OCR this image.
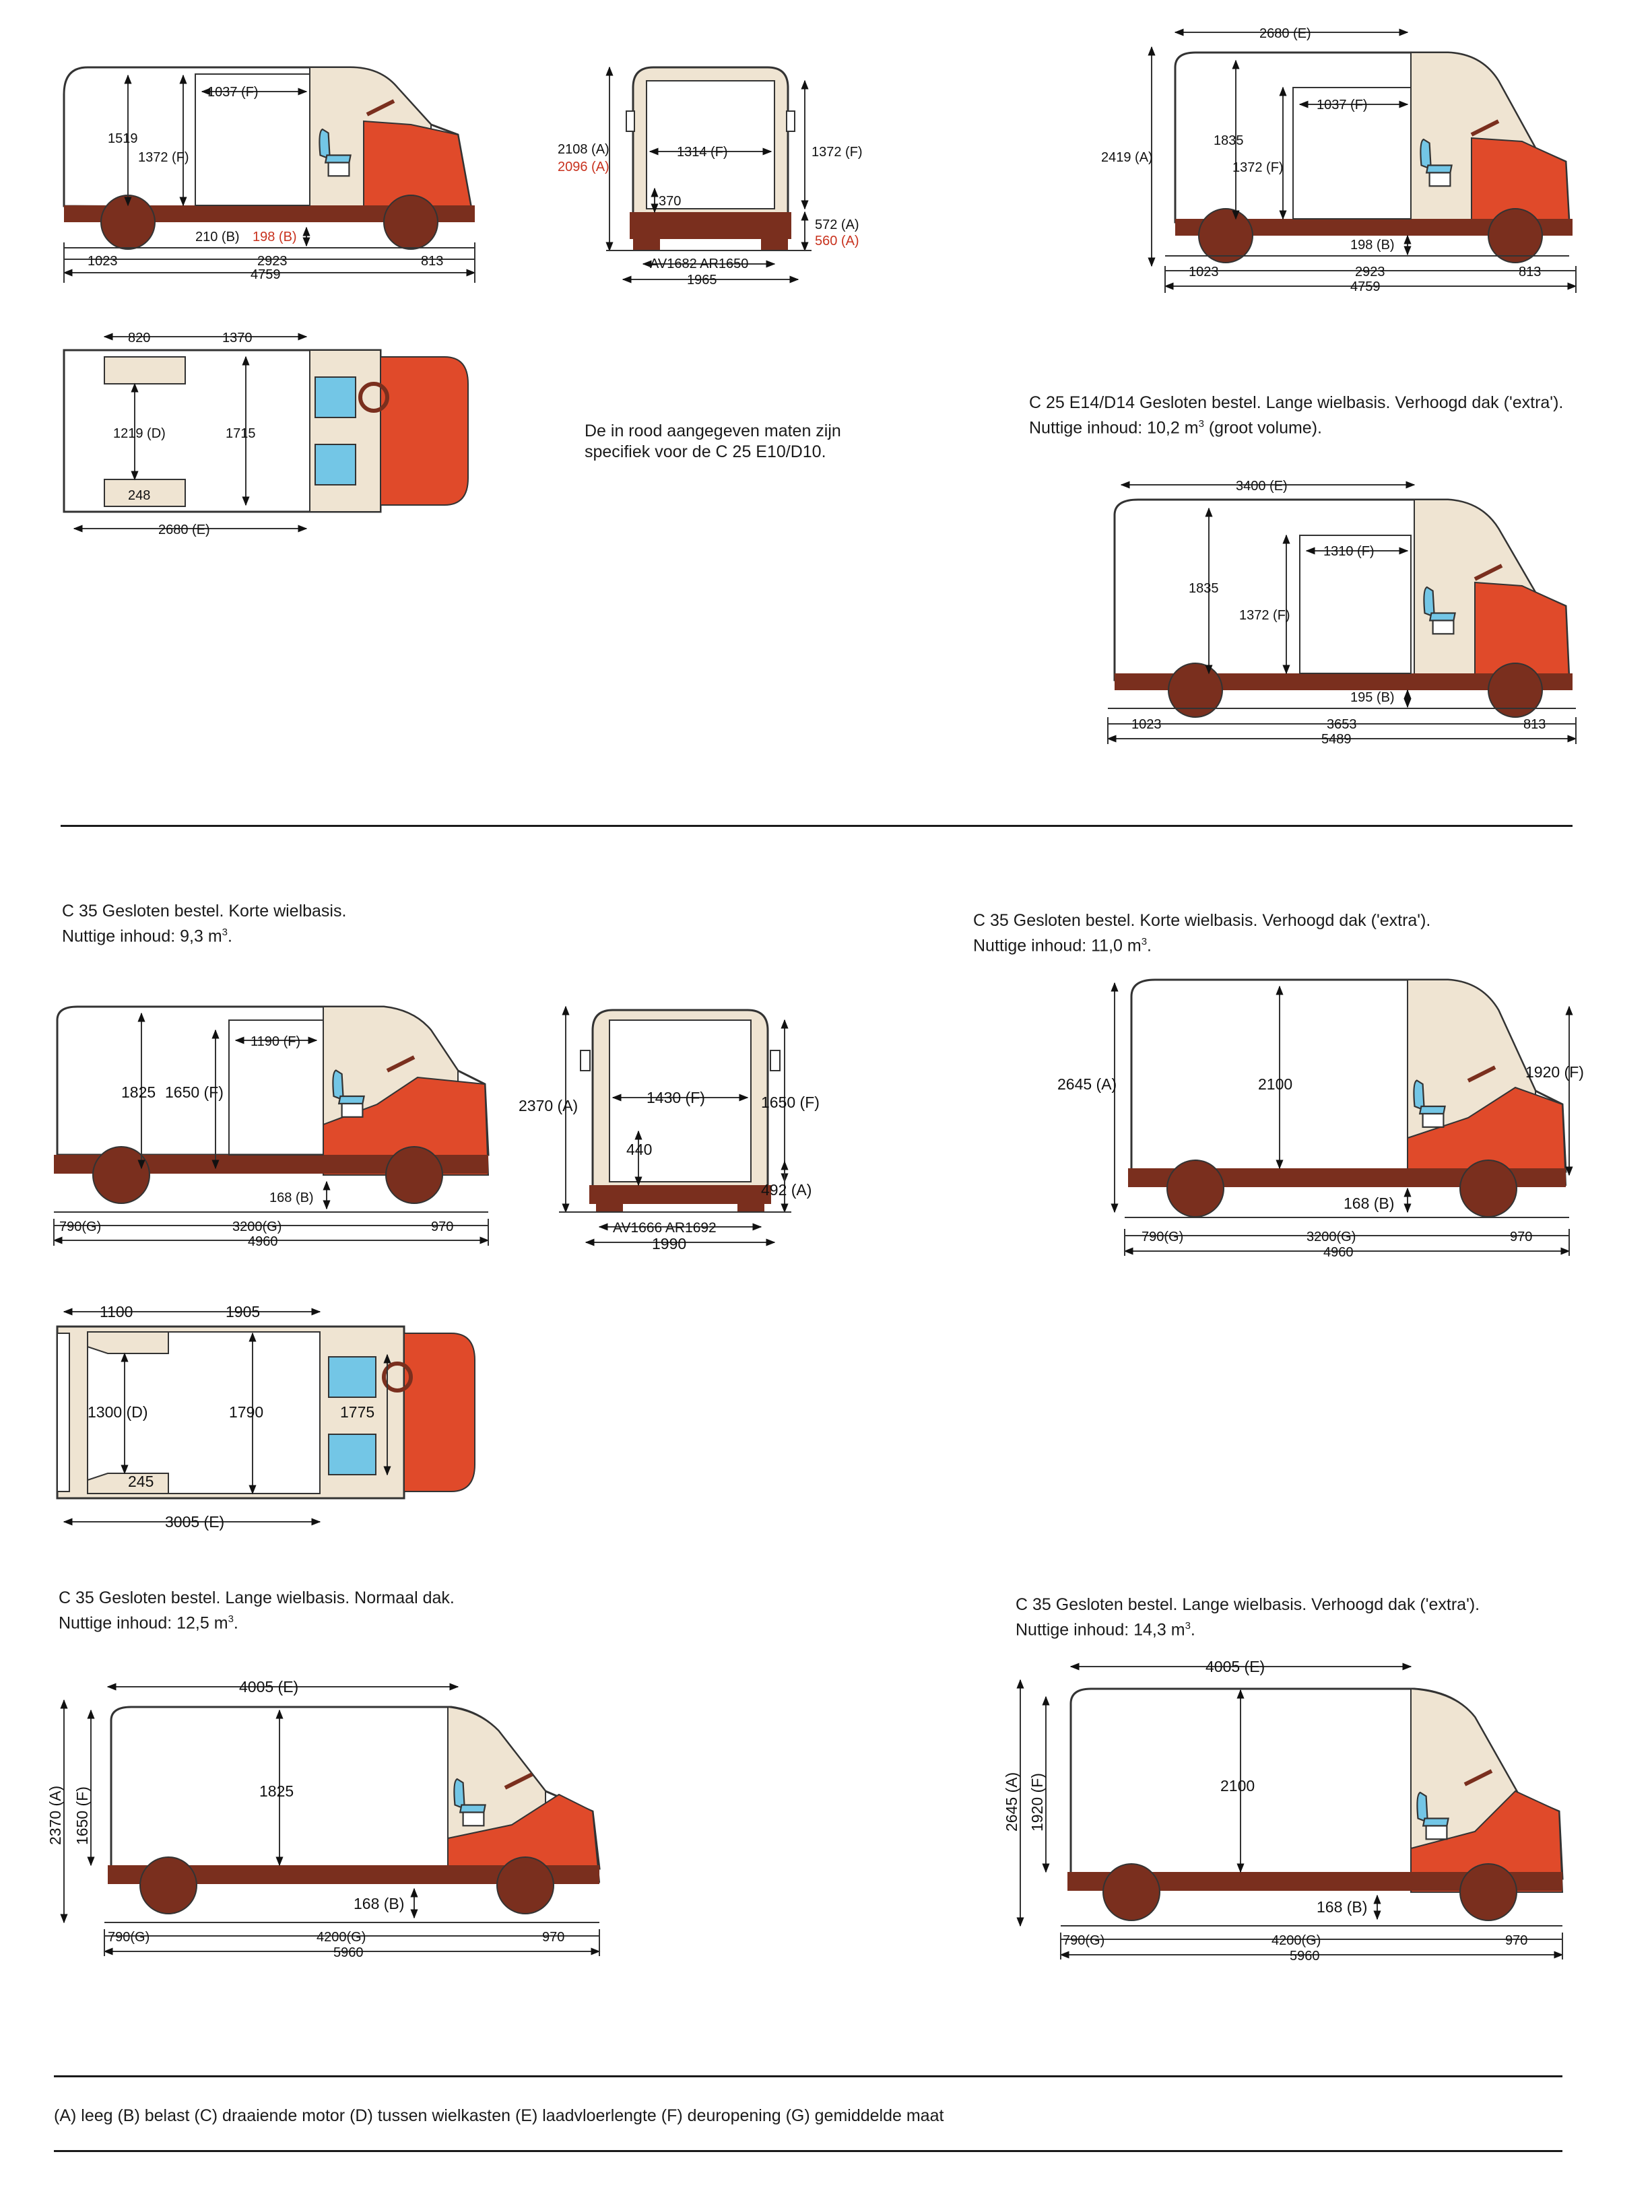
1037 (F)
1519
1372 (F)
210 (B) 198 (B)
1023	2923	813
4759
2108 (A)
2096 (A)
1314 (F)	1372 (F)
370
572 (A)
560 (A)
AV1682 AR1650
1965
820	1370
1219 (D)	1715
248
2680 (E)
2680 (E)
2419 (A)
1835
1372 (F)
1037 (F)
198 (B)
1023	2923	813
4759
3400 (E)
1835
1372 (F)
1310 (F)
195 (B)
1023	3653	813
5489
1190 (F)
1825 1650 (F)
168 (B)
790(G)	3200(G)	970
4960
2370 (A)	1430 (F)	1650 (F)
440
492 (A)
AV1666 AR1692
1990
2645 (A)	2100
1920 (F)
168 (B)
790(G)	3200(G)	970
4960
1100	1905
1300 (D)	1790	1775
245
3005 (E)
4005 (E)
1825
2370 (A) 1650 (F)
168 (B)
790(G)	4200(G)	970
5960
4005 (E)
2100
2645 (A) 1920 (F)
168 (B)
790(G)	4200(G)	970
5960
C 25 E14/D14 Gesloten bestel. Lange wielbasis. Verhoogd dak ('extra').
Nuttige inhoud: 10,2 $m^3$ (groot volume).
De in rood aangegeven maten zijn
specifiek voor de C 25 E10/D10.
C 35 Gesloten bestel. Korte wielbasis.
Nuttige inhoud: 9,3 $m^3$.
C 35 Gesloten bestel. Korte wielbasis. Verhoogd dak ('extra').
Nuttige inhoud: 11,0 $m^3$.
C 35 Gesloten bestel. Lange wielbasis. Normaal dak.
Nuttige inhoud: 12,5 $m^3$.
C 35 Gesloten bestel. Lange wielbasis. Verhoogd dak ('extra').
Nuttige inhoud: 14,3 $m^3$.
(A) leeg (B) belast (C) draaiende motor (D) tussen wielkasten (E) laadvloerlengte (F) deuropening (G) gemiddelde maat
